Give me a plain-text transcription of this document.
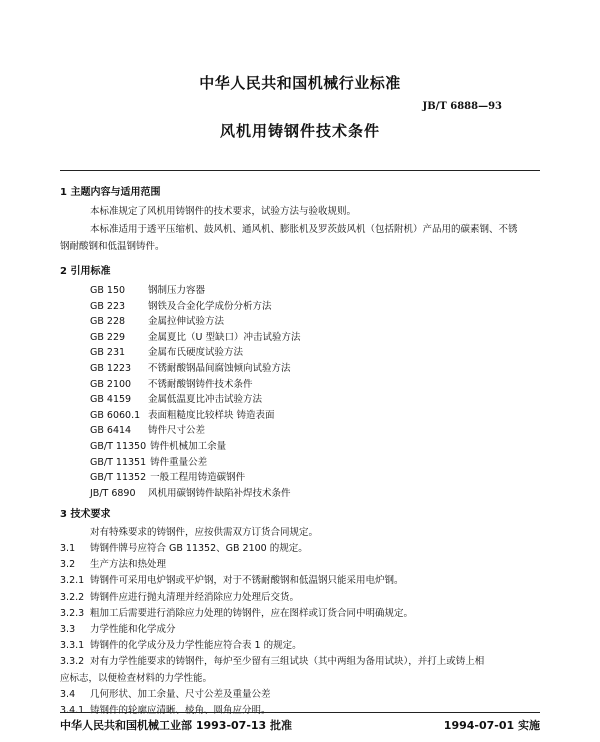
中华人民共和国机械行业标准
JB/T 6888—93
风机用铸钢件技术条件
1 主题内容与适用范围
本标准规定了风机用铸钢件的技术要求，试验方法与验收规则。
本标准适用于透平压缩机、鼓风机、通风机、膨胀机及罗茨鼓风机（包括附机）产品用的碳素钢、不锈
钢耐酸钢和低温钢铸件。
2 引用标准
GB 150 钢制压力容器
GB 223 钢铁及合金化学成份分析方法
GB 228 金属拉伸试验方法
GB 229 金属夏比（U 型缺口）冲击试验方法
GB 231 金属布氏硬度试验方法
GB 1223 不锈耐酸钢晶间腐蚀倾向试验方法
GB 2100 不锈耐酸钢铸件技术条件
GB 4159 金属低温夏比冲击试验方法
GB 6060.1 表面粗糙度比较样块 铸造表面
GB 6414 铸件尺寸公差
GB/T 11350 铸件机械加工余量
GB/T 11351 铸件重量公差
GB/T 11352 一般工程用铸造碳钢件
JB/T 6890 风机用碳钢铸件缺陷补焊技术条件
3 技术要求
对有特殊要求的铸钢件，应按供需双方订货合同规定。
3.1 铸钢件牌号应符合 GB 11352、GB 2100 的规定。
3.2 生产方法和热处理
3.2.1 铸钢件可采用电炉钢或平炉钢，对于不锈耐酸钢和低温钢只能采用电炉钢。
3.2.2 铸钢件应进行抛丸清理并经消除应力处理后交货。
3.2.3 粗加工后需要进行消除应力处理的铸钢件，应在图样或订货合同中明确规定。
3.3 力学性能和化学成分
3.3.1 铸钢件的化学成分及力学性能应符合表 1 的规定。
3.3.2 对有力学性能要求的铸钢件，每炉至少留有三组试块（其中两组为备用试块），并打上或铸上相
应标志，以便检查材料的力学性能。
3.4 几何形状、加工余量、尺寸公差及重量公差
3.4.1 铸钢件的轮廓应清晰、棱角、圆角应分明。
中华人民共和国机械工业部 1993-07-13 批准	1994-07-01 实施
